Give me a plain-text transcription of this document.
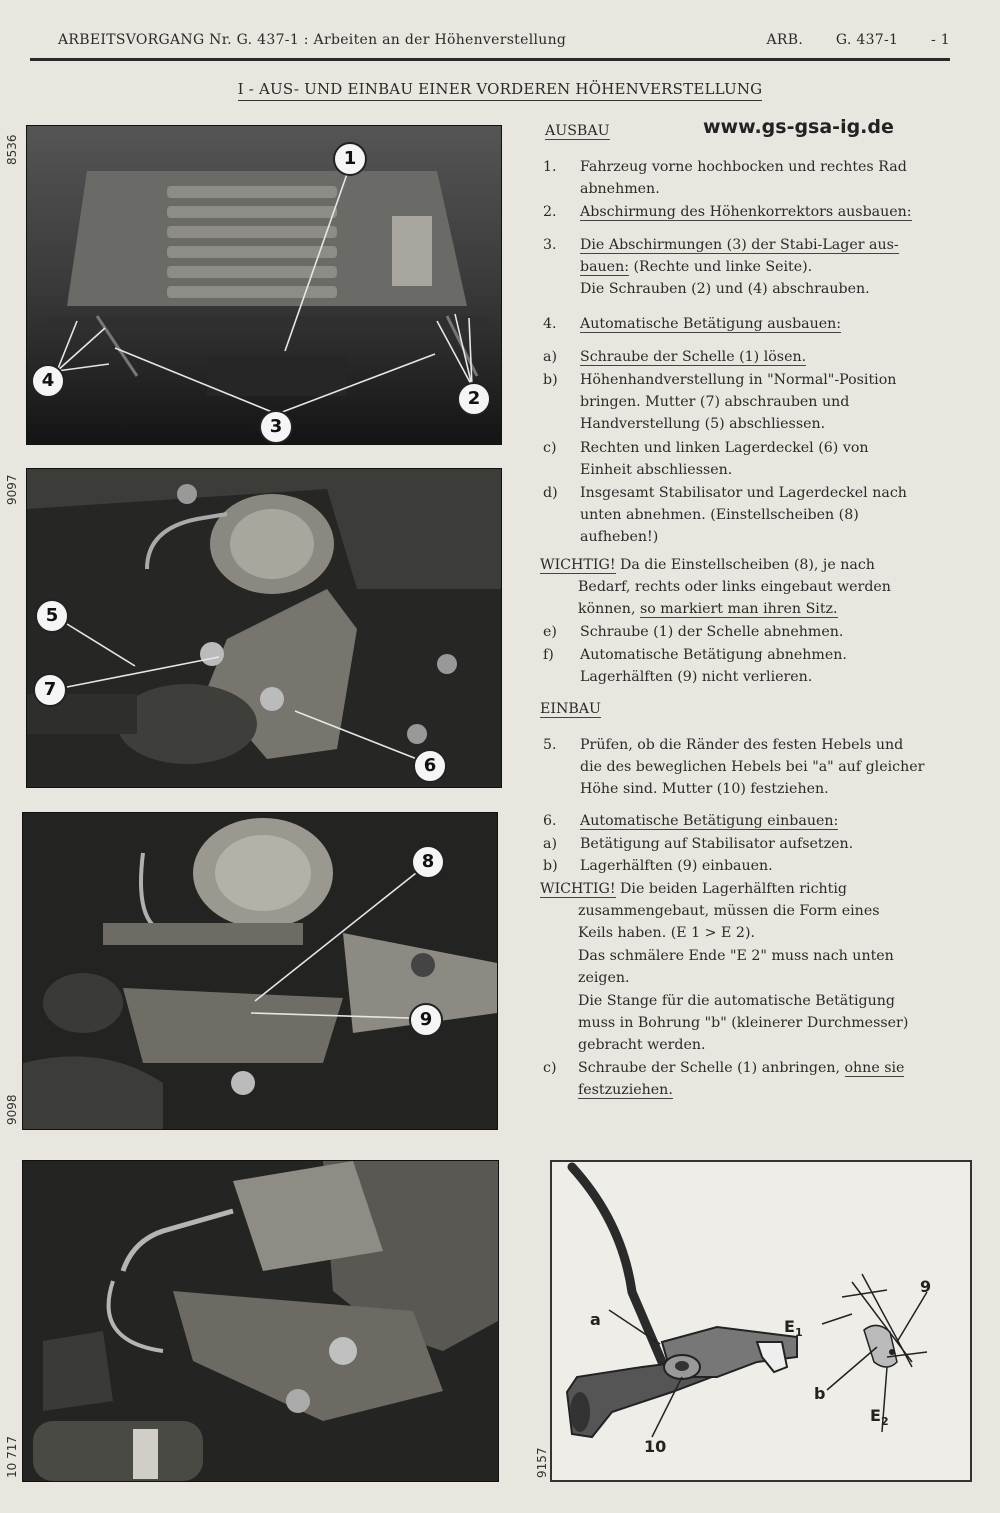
ARBEITSVORGANG Nr. G. 437-1 : Arbeiten an der Höhenverstellung	ARB. G. 437-1 - 1
I - AUS- UND EINBAU EINER VORDEREN HÖHENVERSTELLUNG
8536	1
4
3
2
9097
5
7
6
9098
8
9
10 717
www.gs-gsa-ig.de
AUSBAU
1. Fahrzeug vorne hochbocken und rechtes Rad abnehmen.
2. Abschirmung des Höhenkorrektors ausbauen:
3. Die Abschirmungen (3) der Stabi-Lager aus-
bauen: (Rechte und linke Seite).
Die Schrauben (2) und (4) abschrauben.
4. Automatische Betätigung ausbauen:
a) Schraube der Schelle (1) lösen.
b) Höhenhandverstellung in "Normal"-Position bringen. Mutter (7) abschrauben und Handverstellung (5) abschliessen.
c) Rechten und linken Lagerdeckel (6) von Einheit abschliessen.
d) Insgesamt Stabilisator und Lagerdeckel nach unten abnehmen. (Einstellscheiben (8) aufheben!)
WICHTIG! Da die Einstellscheiben (8), je nach
Bedarf, rechts oder links eingebaut werden
können, so markiert man ihren Sitz.
e) Schraube (1) der Schelle abnehmen.
f) Automatische Betätigung abnehmen.
Lagerhälften (9) nicht verlieren.
EINBAU
5. Prüfen, ob die Ränder des festen Hebels und die des beweglichen Hebels bei "a" auf gleicher Höhe sind. Mutter (10) festziehen.
6. Automatische Betätigung einbauen:
a) Betätigung auf Stabilisator aufsetzen.
b) Lagerhälften (9) einbauen.
WICHTIG! Die beiden Lagerhälften richtig
zusammengebaut, müssen die Form eines
Keils haben. (E 1 > E 2).
Das schmälere Ende "E 2" muss nach unten
zeigen.
Die Stange für die automatische Betätigung
muss in Bohrung "b" (kleinerer Durchmesser)
gebracht werden.
c) Schraube der Schelle (1) anbringen, ohne sie
festzuziehen.
9157
a
10
$E_1$
b
$E_2$
9
